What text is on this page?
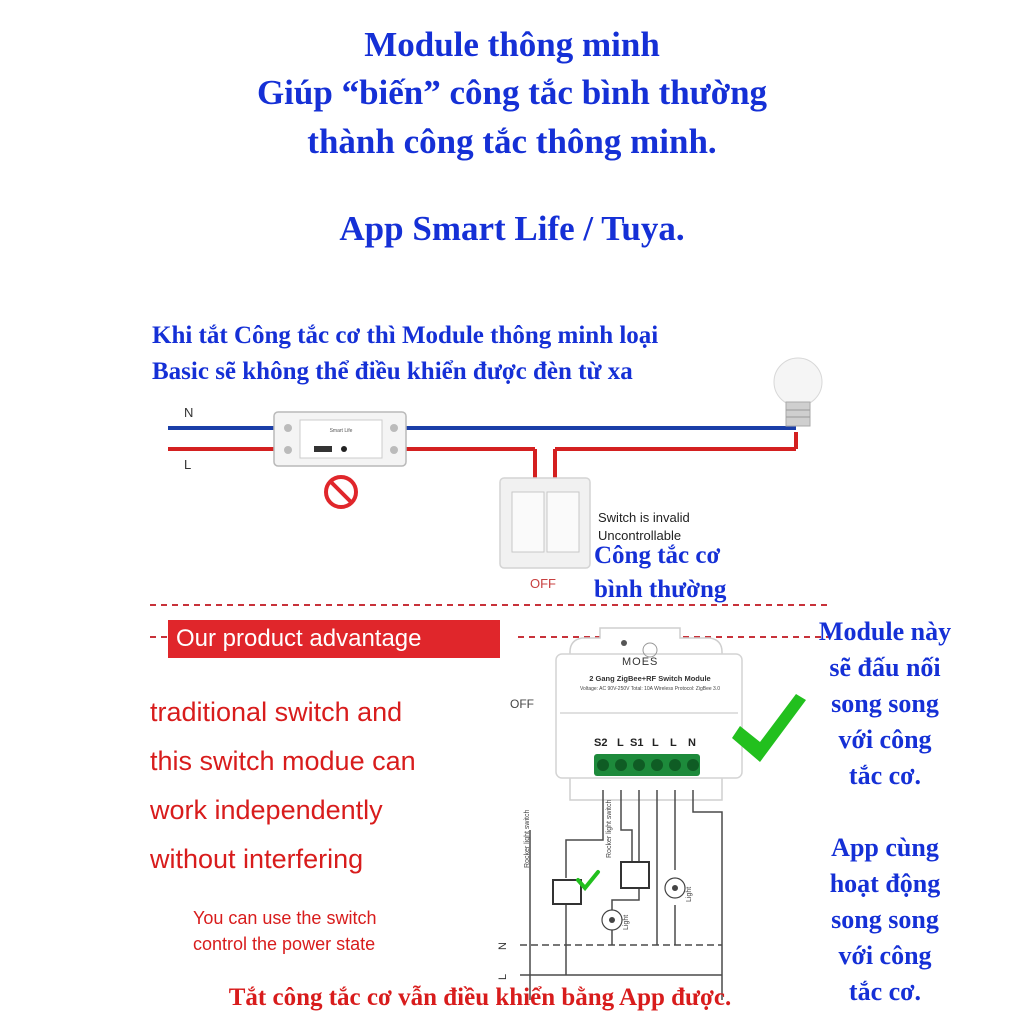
Module thông minh
Giúp “biến” công tắc bình thường
thành công tắc thông minh.
App Smart Life / Tuya.
Khi tắt Công tắc cơ thì Module thông minh loại
Basic sẽ không thể điều khiển được đèn từ xa
Smart Life
N
L
OFF
Switch is invalid
Uncontrollable
Công tắc cơ
bình thường
Our product advantage
traditional switch and
this switch modue can
work independently
without interfering
You can use the switch
control the power state
OFF
MOES
2 Gang ZigBee+RF Switch Module
Voltage: AC 90V-250V Total: 10A Wireless Protocol: ZigBee 3.0
S2 L S1 L L N
Rocker light switch	Rocker light switch
Light
Light
N
L
Module này
sẽ đấu nối
song song
với công
tắc cơ.
App cùng
hoạt động
song song
với công
tắc cơ.
Tắt công tắc cơ vẫn điều khiển bằng App được.
